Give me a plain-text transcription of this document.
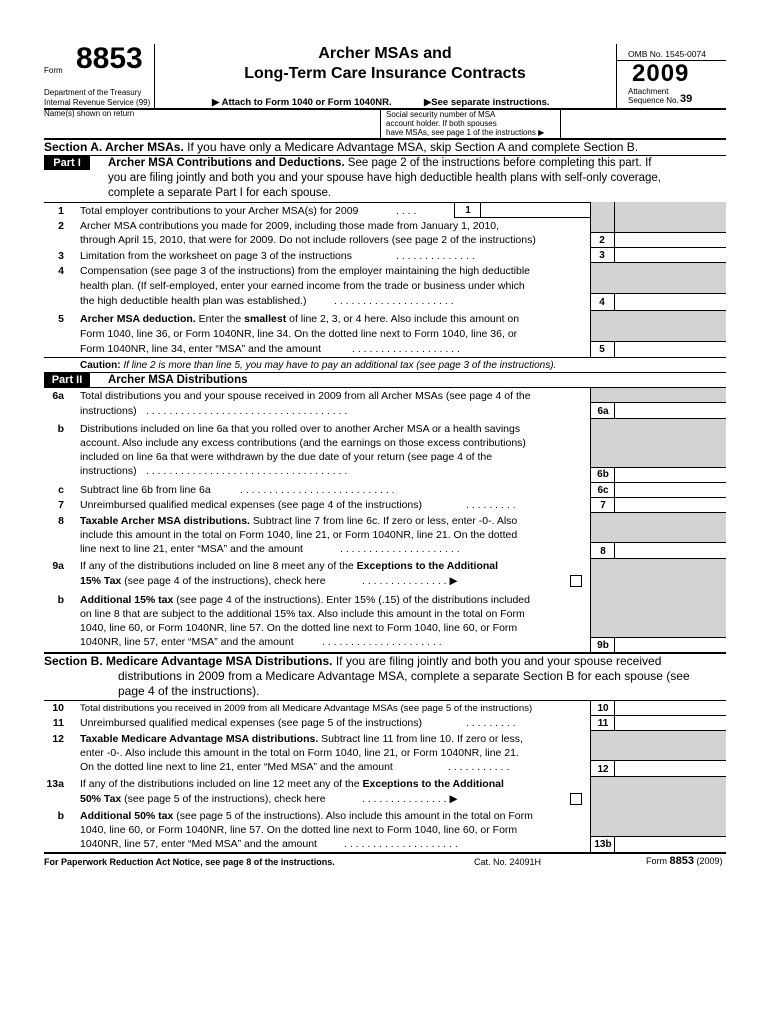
Form 8853
Department of the Treasury
Internal Revenue Service (99)
Name(s) shown on return
Archer MSAs and
Long-Term Care Insurance Contracts
▶ Attach to Form 1040 or Form 1040NR.	▶See separate instructions.
OMB No. 1545-0074
2009
Attachment
Sequence No. 39
Social security number of MSA
account holder. If both spouses
have MSAs, see page 1 of the instructions ▶
Section A. Archer MSAs. If you have only a Medicare Advantage MSA, skip Section A and complete Section B.
Part I	Archer MSA Contributions and Deductions. See page 2 of the instructions before completing this part. If
you are filing jointly and both you and your spouse have high deductible health plans with self-only coverage,
complete a separate Part I for each spouse.
1 Total employer contributions to your Archer MSA(s) for 2009	. . . .	1
2 Archer MSA contributions you made for 2009, including those made from January 1, 2010,
through April 15, 2010, that were for 2009. Do not include rollovers (see page 2 of the instructions)	2
3 Limitation from the worksheet on page 3 of the instructions	. . . . . . . . . . . . . .	3
4 Compensation (see page 3 of the instructions) from the employer maintaining the high deductible
health plan. (If self-employed, enter your earned income from the trade or business under which
the high deductible health plan was established.)	. . . . . . . . . . . . . . . . . . . . .	4
5 Archer MSA deduction. Enter the smallest of line 2, 3, or 4 here. Also include this amount on
Form 1040, line 36, or Form 1040NR, line 34. On the dotted line next to Form 1040, line 36, or
Form 1040NR, line 34, enter “MSA” and the amount	. . . . . . . . . . . . . . . . . . .	5
Caution: If line 2 is more than line 5, you may have to pay an additional tax (see page 3 of the instructions).
Part II	Archer MSA Distributions
6a Total distributions you and your spouse received in 2009 from all Archer MSAs (see page 4 of the
instructions) . . . . . . . . . . . . . . . . . . . . . . . . . . . . . . . . . . .	6a
b Distributions included on line 6a that you rolled over to another Archer MSA or a health savings
account. Also include any excess contributions (and the earnings on those excess contributions)
included on line 6a that were withdrawn by the due date of your return (see page 4 of the
instructions) . . . . . . . . . . . . . . . . . . . . . . . . . . . . . . . . . . .	6b
c Subtract line 6b from line 6a	. . . . . . . . . . . . . . . . . . . . . . . . . . .	6c
7 Unreimbursed qualified medical expenses (see page 4 of the instructions)	. . . . . . . . .	7
8 Taxable Archer MSA distributions. Subtract line 7 from line 6c. If zero or less, enter -0-. Also
include this amount in the total on Form 1040, line 21, or Form 1040NR, line 21. On the dotted
line next to line 21, enter “MSA” and the amount	. . . . . . . . . . . . . . . . . . . . .	8
9a If any of the distributions included on line 8 meet any of the Exceptions to the Additional
15% Tax (see page 4 of the instructions), check here	. . . . . . . . . . . . . . . ▶
b Additional 15% tax (see page 4 of the instructions). Enter 15% (.15) of the distributions included
on line 8 that are subject to the additional 15% tax. Also include this amount in the total on Form
1040, line 60, or Form 1040NR, line 57. On the dotted line next to Form 1040, line 60, or Form
1040NR, line 57, enter “MSA” and the amount	. . . . . . . . . . . . . . . . . . . . .	9b
Section B. Medicare Advantage MSA Distributions. If you are filing jointly and both you and your spouse received
distributions in 2009 from a Medicare Advantage MSA, complete a separate Section B for each spouse (see
page 4 of the instructions).
10 Total distributions you received in 2009 from all Medicare Advantage MSAs (see page 5 of the instructions)	10
11 Unreimbursed qualified medical expenses (see page 5 of the instructions)	. . . . . . . . .	11
12 Taxable Medicare Advantage MSA distributions. Subtract line 11 from line 10. If zero or less,
enter -0-. Also include this amount in the total on Form 1040, line 21, or Form 1040NR, line 21.
On the dotted line next to line 21, enter “Med MSA” and the amount	. . . . . . . . . . .	12
13a If any of the distributions included on line 12 meet any of the Exceptions to the Additional
50% Tax (see page 5 of the instructions), check here	. . . . . . . . . . . . . . . ▶
b Additional 50% tax (see page 5 of the instructions). Also include this amount in the total on Form
1040, line 60, or Form 1040NR, line 57. On the dotted line next to Form 1040, line 60, or Form
1040NR, line 57, enter “Med MSA” and the amount	. . . . . . . . . . . . . . . . . . . .	13b
For Paperwork Reduction Act Notice, see page 8 of the instructions.	Cat. No. 24091H	Form 8853 (2009)
